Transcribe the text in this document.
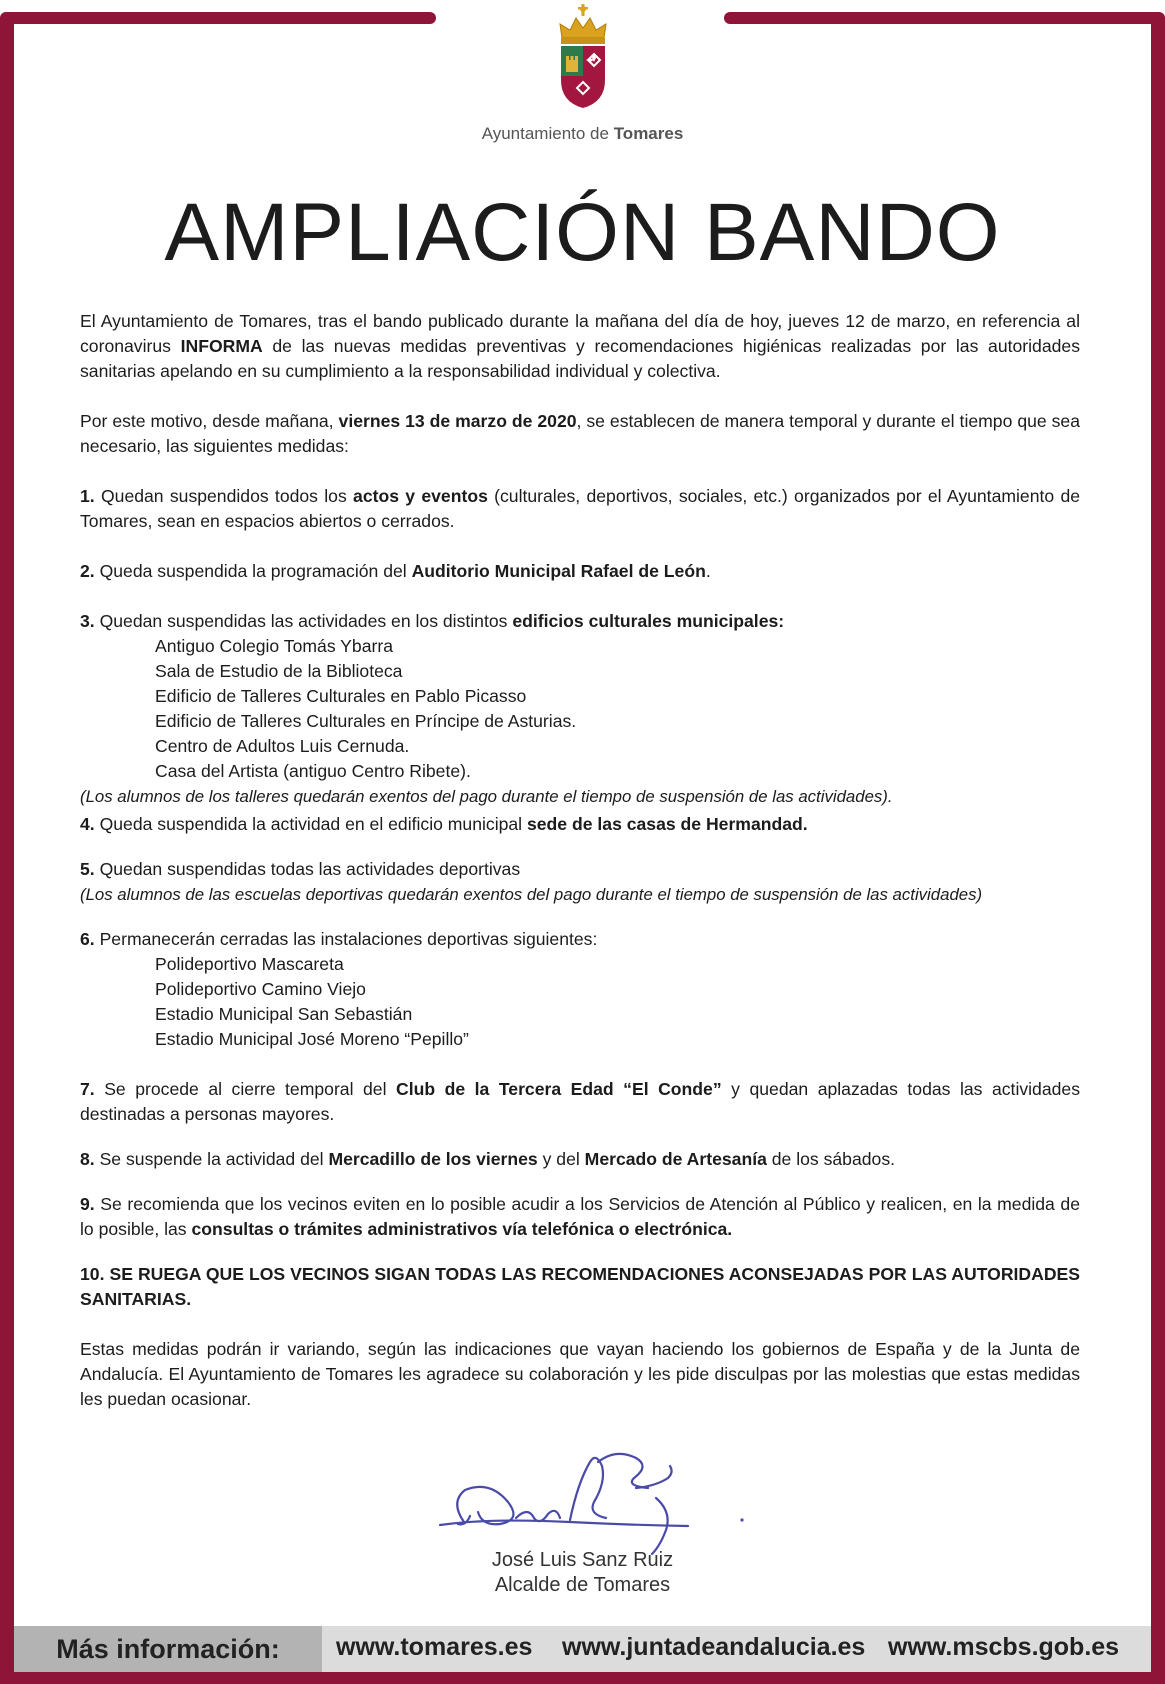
Ayuntamiento de Tomares
AMPLIACIÓN BANDO

El Ayuntamiento de Tomares, tras el bando publicado durante la mañana del día de hoy, jueves 12 de marzo, en referencia al coronavirus INFORMA de las nuevas medidas preventivas y recomendaciones higiénicas realizadas por las autoridades sanitarias apelando en su cumplimiento a la responsabilidad individual y colectiva.

Por este motivo, desde mañana, viernes 13 de marzo de 2020, se establecen de manera temporal y durante el tiempo que sea necesario, las siguientes medidas:

1. Quedan suspendidos todos los actos y eventos (culturales, deportivos, sociales, etc.) organizados por el Ayuntamiento de Tomares, sean en espacios abiertos o cerrados.

2. Queda suspendida la programación del Auditorio Municipal Rafael de León.

3. Quedan suspendidas las actividades en los distintos edificios culturales municipales:

Antiguo Colegio Tomás Ybarra

Sala de Estudio de la Biblioteca

Edificio de Talleres Culturales en Pablo Picasso

Edificio de Talleres Culturales en Príncipe de Asturias.

Centro de Adultos Luis Cernuda.

Casa del Artista (antiguo Centro Ribete).

(Los alumnos de los talleres quedarán exentos del pago durante el tiempo de suspensión de las actividades).

4. Queda suspendida la actividad en el edificio municipal sede de las casas de Hermandad.

5. Quedan suspendidas todas las actividades deportivas

(Los alumnos de las escuelas deportivas quedarán exentos del pago durante el tiempo de suspensión de las actividades)

6. Permanecerán cerradas las instalaciones deportivas siguientes:

Polideportivo Mascareta

Polideportivo Camino Viejo

Estadio Municipal San Sebastián

Estadio Municipal José Moreno “Pepillo”

7. Se procede al cierre temporal del Club de la Tercera Edad “El Conde” y quedan aplazadas todas las actividades destinadas a personas mayores.

8. Se suspende la actividad del Mercadillo de los viernes y del Mercado de Artesanía de los sábados.

9. Se recomienda que los vecinos eviten en lo posible acudir a los Servicios de Atención al Público y realicen, en la medida de lo posible, las consultas o trámites administrativos vía telefónica o electrónica.

10. SE RUEGA QUE LOS VECINOS SIGAN TODAS LAS RECOMENDACIONES ACONSEJADAS POR LAS AUTORIDADES SANITARIAS.

Estas medidas podrán ir variando, según las indicaciones que vayan haciendo los gobiernos de España y de la Junta de Andalucía. El Ayuntamiento de Tomares les agradece su colaboración y les pide disculpas por las molestias que estas medidas les puedan ocasionar.

José Luis Sanz Ruiz
Alcalde de Tomares
Más información:	www.tomares.es www.juntadeandalucia.es www.mscbs.gob.es
